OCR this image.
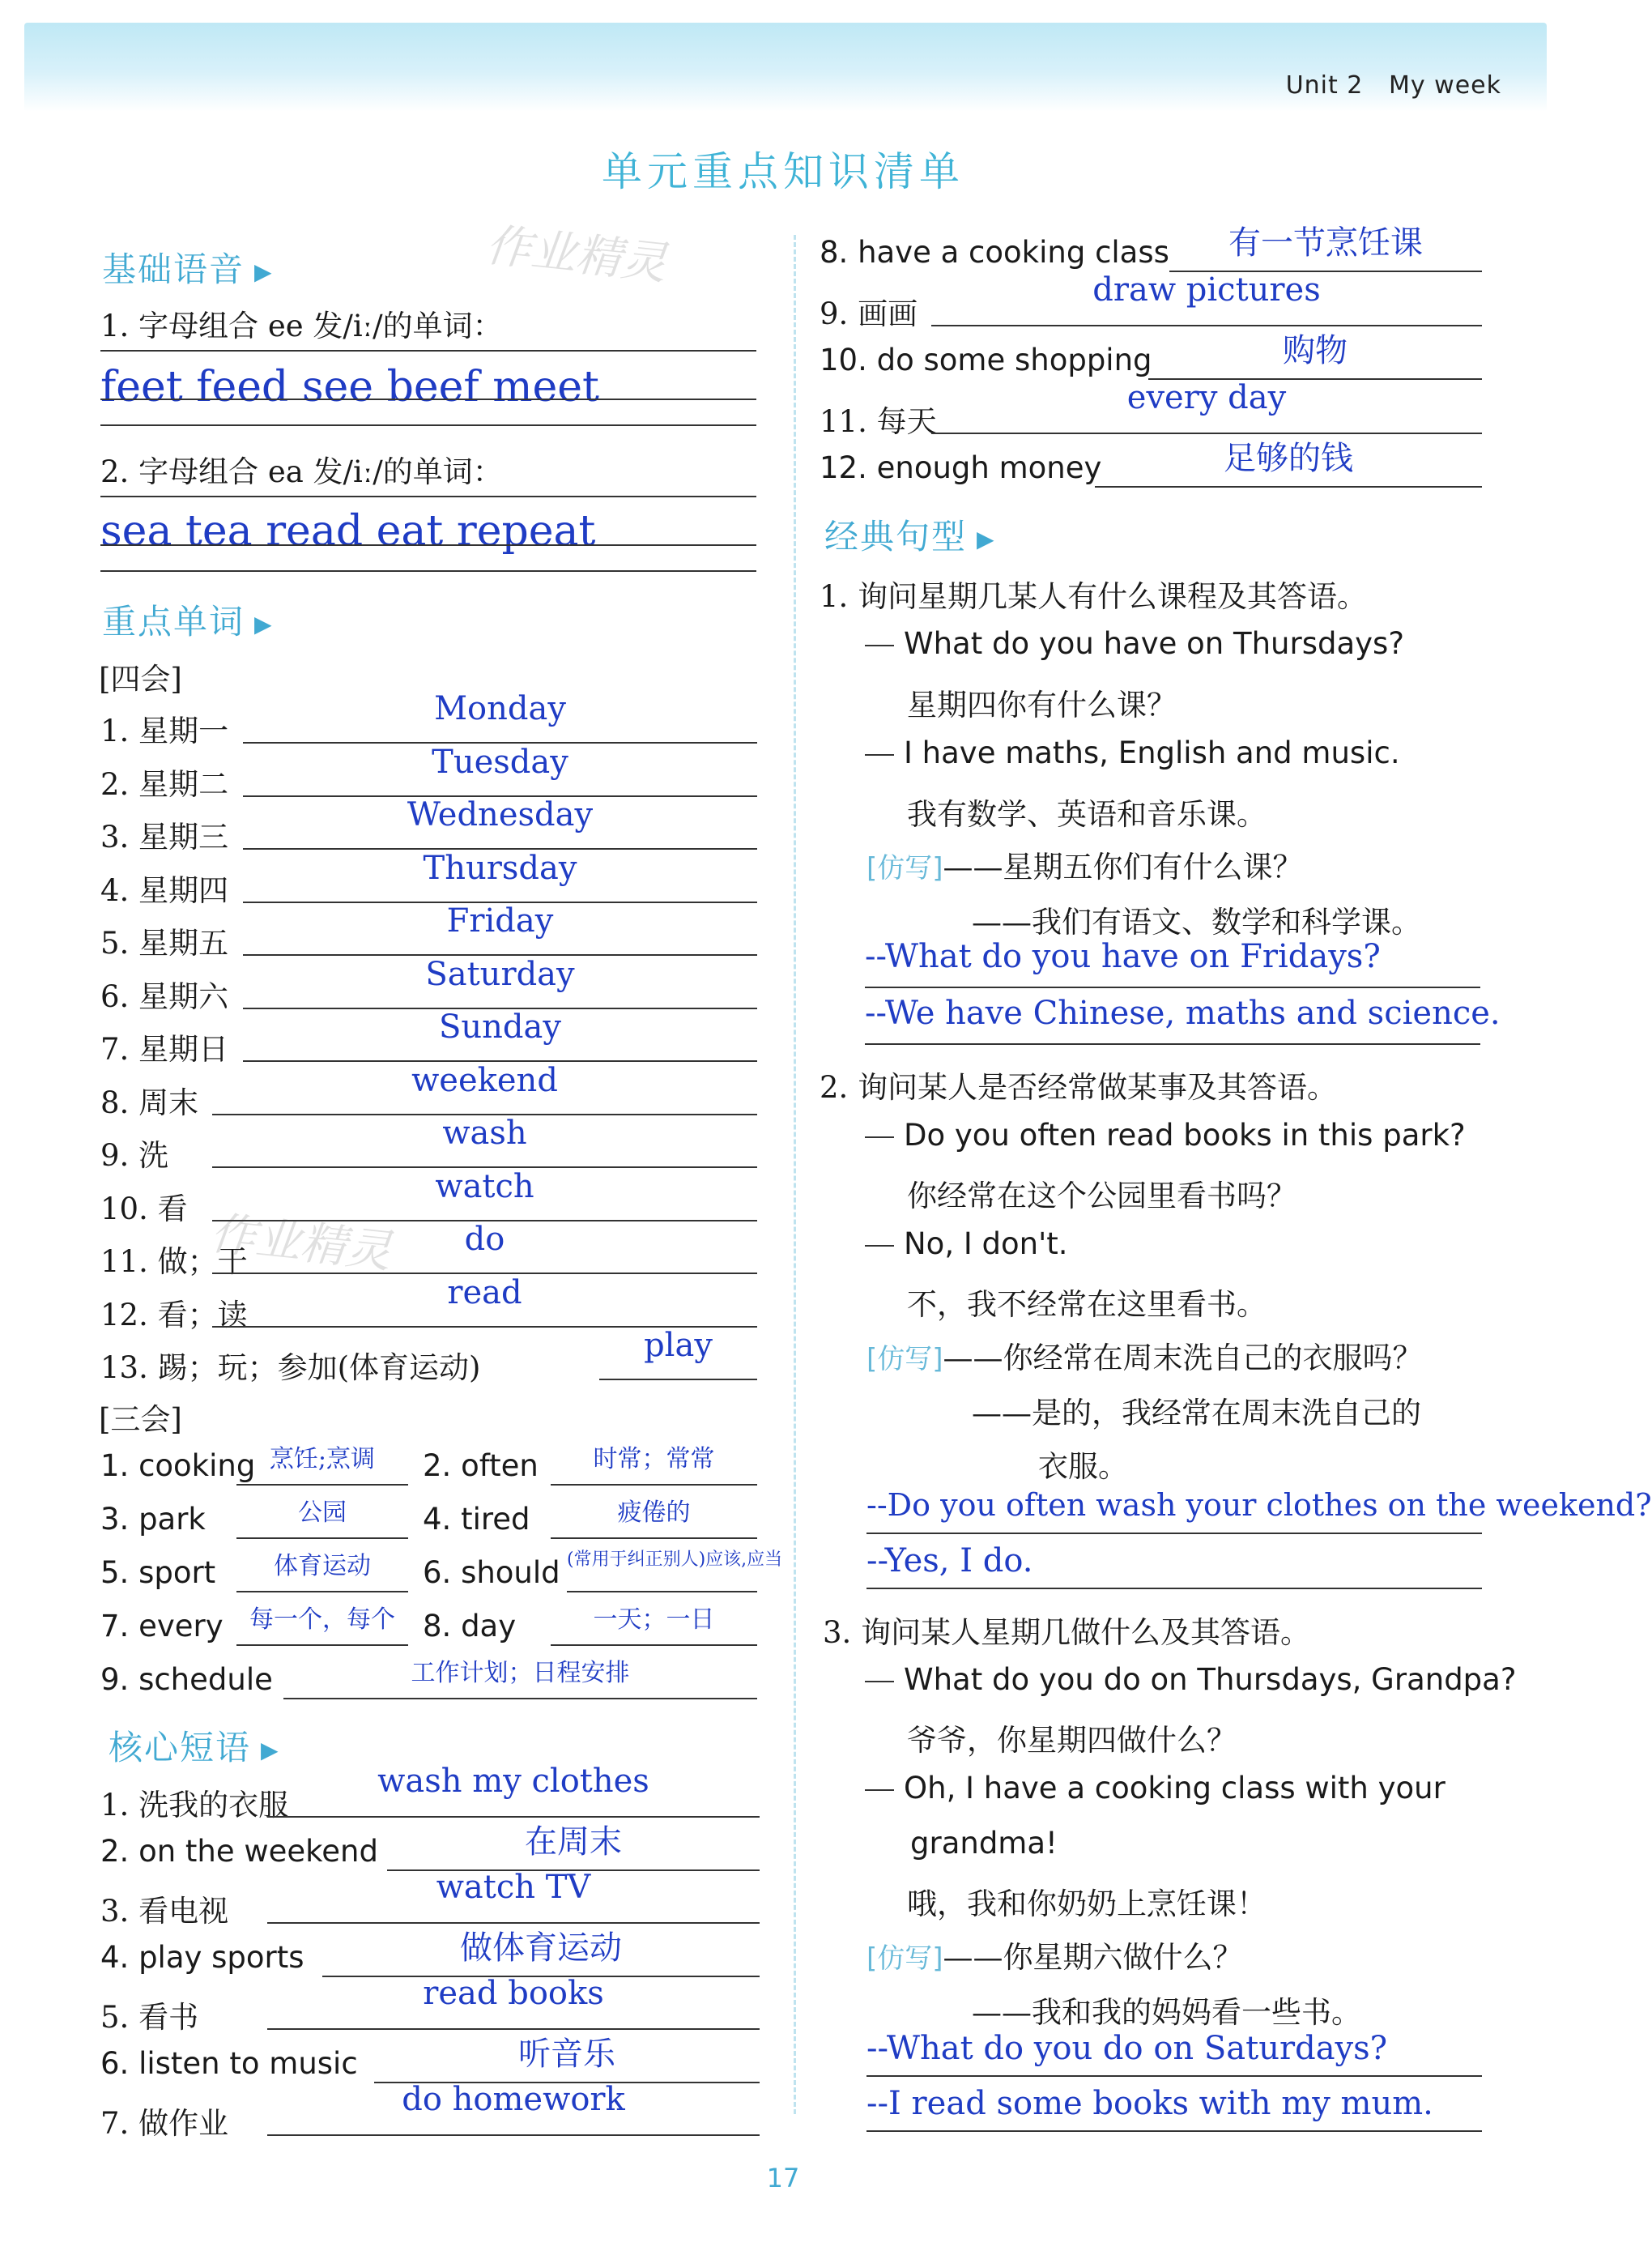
Unit 2 My week
单元重点知识清单
作业精灵
作业精灵
基础语音 ▶
1. 字母组合 ee 发/iː/的单词：
feet feed see beef meet
2. 字母组合 ea 发/iː/的单词：
sea tea read eat repeat
重点单词 ▶
[四会]
[三会]
核心短语 ▶
经典句型 ▶
1. 询问星期几某人有什么课程及其答语。
What do you have on Thursdays?
星期四你有什么课？
I have maths, English and music.
我有数学、英语和音乐课。
[仿写]——星期五你们有什么课？
——我们有语文、数学和科学课。
--What do you have on Fridays?
--We have Chinese, maths and science.
2. 询问某人是否经常做某事及其答语。
Do you often read books in this park?
你经常在这个公园里看书吗？
No, I don't.
不，我不经常在这里看书。
[仿写]——你经常在周末洗自己的衣服吗？
——是的，我经常在周末洗自己的
衣服。
--Do you often wash your clothes on the weekend?
--Yes, I do.
3. 询问某人星期几做什么及其答语。
What do you do on Thursdays, Grandpa?
爷爷，你星期四做什么？
Oh, I have a cooking class with your
grandma!
哦，我和你奶奶上烹饪课！
[仿写]——你星期六做什么？
——我和我的妈妈看一些书。
--What do you do on Saturdays?
--I read some books with my mum.
17
1. 星期一
Monday
2. 星期二
Tuesday
3. 星期三
Wednesday
4. 星期四
Thursday
5. 星期五
Friday
6. 星期六
Saturday
7. 星期日
Sunday
8. 周末
weekend
9. 洗
wash
10. 看
watch
11. 做；干
do
12. 看；读
read
13. 踢；玩；参加(体育运动)
play
1. cooking 烹饪;烹调	2. often	时常；常常
3. park	公园	4. tired	疲倦的
5. sport	体育运动	6. should (常用于纠正别人)应该,应当
7. every	每一个，每个 8. day	一天；一日
9. schedule	工作计划；日程安排
1. 洗我的衣服
wash my clothes
2. on the weekend	在周末
3. 看电视
watch TV
4. play sports	做体育运动
5. 看书
read books
6. listen to music	听音乐
7. 做作业
do homework
8. have a cooking class	有一节烹饪课
9. 画画
draw pictures
10. do some shopping	购物
11. 每天
every day
12. enough money	足够的钱
